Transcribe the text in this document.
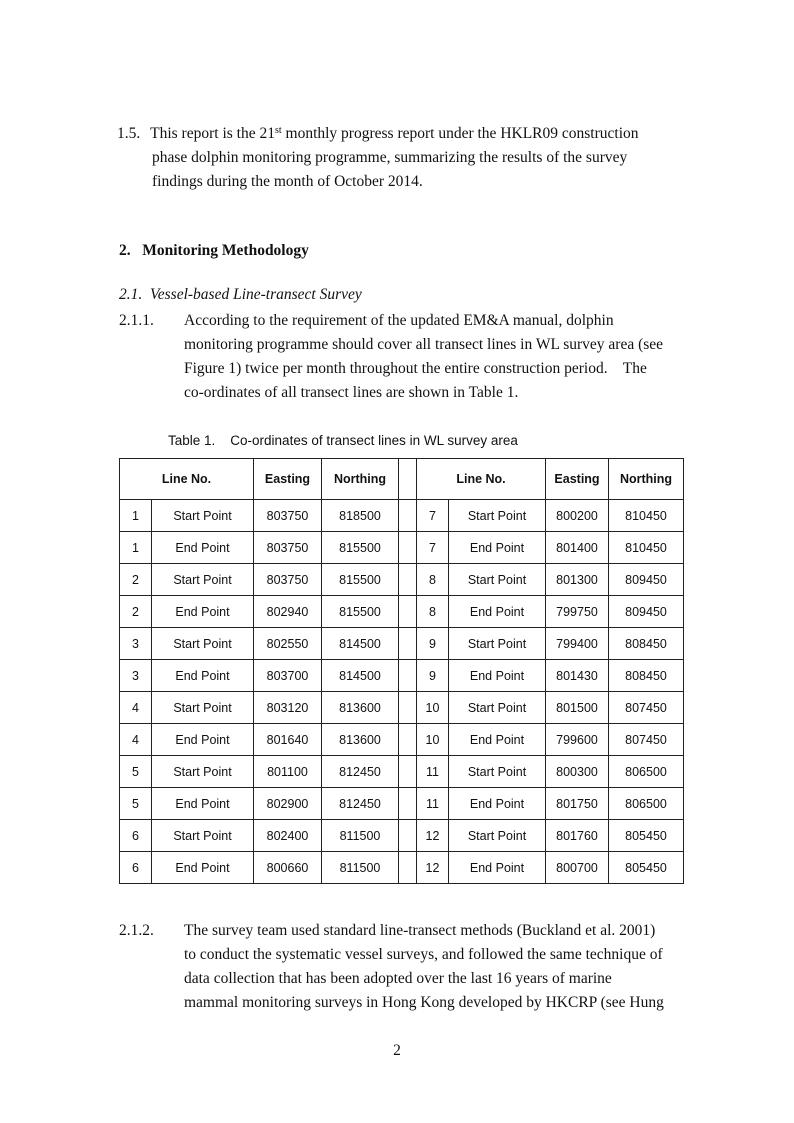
1.5. This report is the 21st monthly progress report under the HKLR09 construction
phase dolphin monitoring programme, summarizing the results of the survey
findings during the month of October 2014.
2. Monitoring Methodology
2.1. Vessel-based Line-transect Survey
2.1.1. According to the requirement of the updated EM&A manual, dolphin
monitoring programme should cover all transect lines in WL survey area (see
Figure 1) twice per month throughout the entire construction period.    The
co-ordinates of all transect lines are shown in Table 1.
Table 1.    Co-ordinates of transect lines in WL survey area
Line No.		Easting	Northing		Line No.		Easting	Northing
1	Start Point	803750	818500		7	Start Point	800200	810450
1	End Point	803750	815500		7	End Point	801400	810450
2	Start Point	803750	815500		8	Start Point	801300	809450
2	End Point	802940	815500		8	End Point	799750	809450
3	Start Point	802550	814500		9	Start Point	799400	808450
3	End Point	803700	814500		9	End Point	801430	808450
4	Start Point	803120	813600		10	Start Point	801500	807450
4	End Point	801640	813600		10	End Point	799600	807450
5	Start Point	801100	812450		11	Start Point	800300	806500
5	End Point	802900	812450		11	End Point	801750	806500
6	Start Point	802400	811500		12	Start Point	801760	805450
6	End Point	800660	811500		12	End Point	800700	805450
2.1.2. The survey team used standard line-transect methods (Buckland et al. 2001)
to conduct the systematic vessel surveys, and followed the same technique of
data collection that has been adopted over the last 16 years of marine
mammal monitoring surveys in Hong Kong developed by HKCRP (see Hung
2
